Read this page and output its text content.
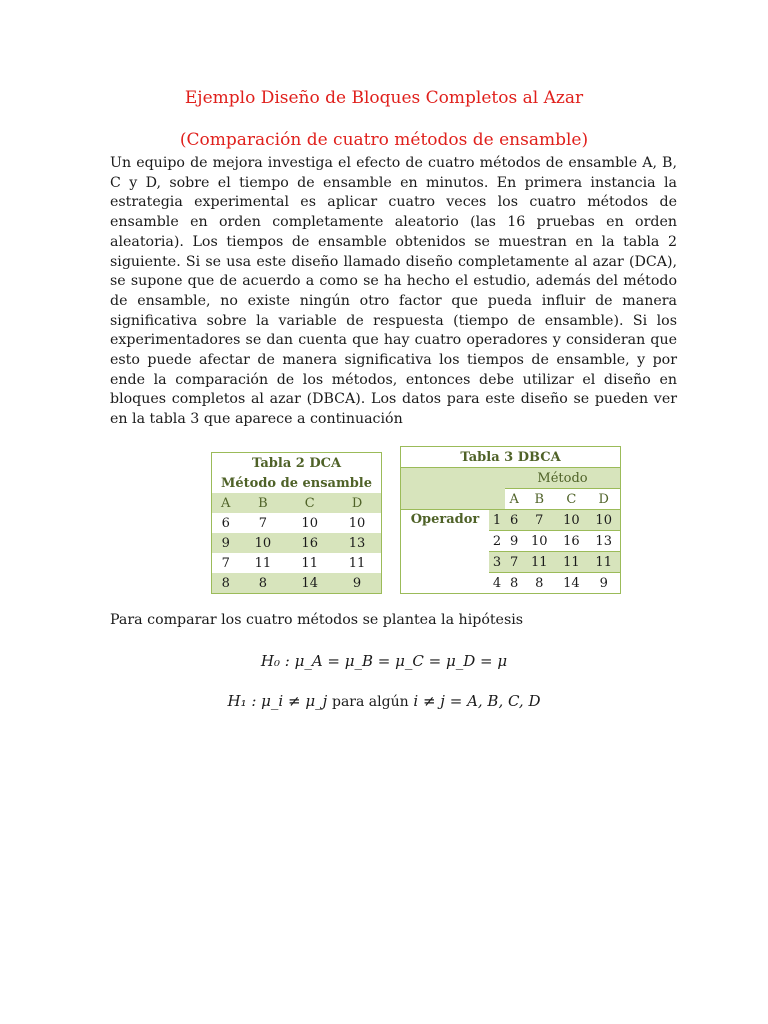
Ejemplo Diseño de Bloques Completos al Azar
(Comparación de cuatro métodos de ensamble)

Un equipo de mejora investiga el efecto de cuatro métodos de ensamble A, B, C y D, sobre el tiempo de ensamble en minutos. En primera instancia la estrategia experimental es aplicar cuatro veces los cuatro métodos de ensamble en orden completamente aleatorio (las 16 pruebas en orden aleatoria). Los tiempos de ensamble obtenidos se muestran en la tabla 2 siguiente. Si se usa este diseño llamado diseño completamente al azar (DCA), se supone que de acuerdo a como se ha hecho el estudio, además del método de ensamble, no existe ningún otro factor que pueda influir de manera significativa sobre la variable de respuesta (tiempo de ensamble). Si los experimentadores se dan cuenta que hay cuatro operadores y consideran que esto puede afectar de manera significativa los tiempos de ensamble, y por ende la comparación de los métodos, entonces debe utilizar el diseño en bloques completos al azar (DBCA). Los datos para este diseño se pueden ver en la tabla 3 que aparece a continuación

Tabla 2 DCA			
Método de ensamble			
A	B	C	D
6	7	10	10
9	10	16	13
7	11	11	11
8	8	14	9
Tabla 3 DBCA					
		Método			
		A	B	C	D
Operador	1	6	7	10	10
	2	9	10	16	13
	3	7	11	11	11
	4	8	8	14	9

Para comparar los cuatro métodos se plantea la hipótesis

H₀ : μ_A = μ_B = μ_C = μ_D = μ
H₁ : μ_i ≠ μ_j para algún i ≠ j = A, B, C, D
